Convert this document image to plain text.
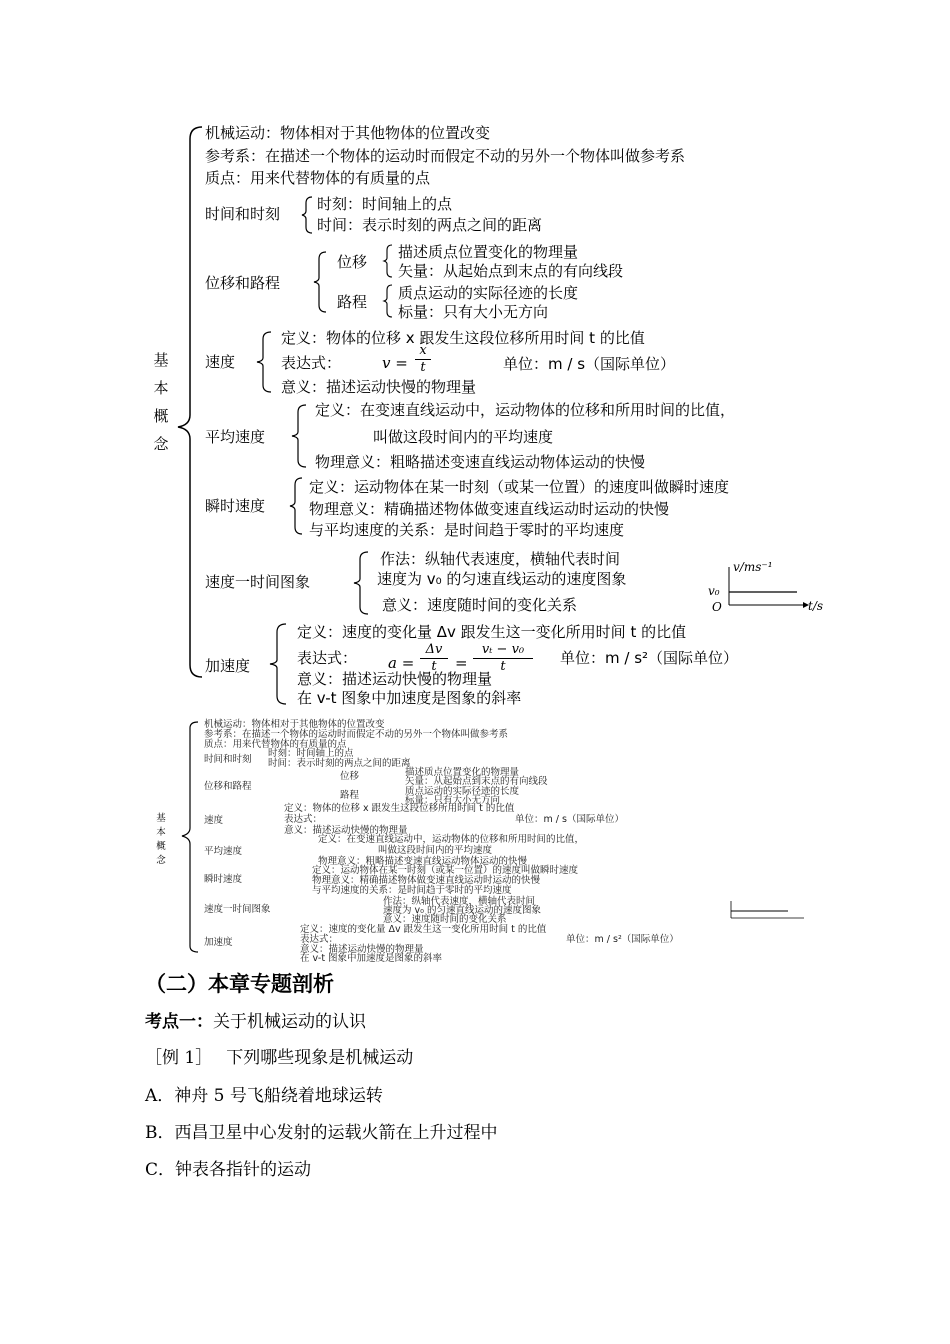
基
本
概
念
机械运动：物体相对于其他物体的位置改变
参考系：在描述一个物体的运动时而假定不动的另外一个物体叫做参考系
质点：用来代替物体的有质量的点
时间和时刻
时刻：时间轴上的点
时间：表示时刻的两点之间的距离
位移和路程
位移
描述质点位置变化的物理量
矢量：从起始点到末点的有向线段
路程 质点运动的实际径迹的长度
标量：只有大小无方向
速度
定义：物体的位移 x 跟发生这段位移所用时间 t 的比值
表达式：	v =
x
t	单位：m / s（国际单位）
意义：描述运动快慢的物理量
平均速度
定义：在变速直线运动中，运动物体的位移和所用时间的比值，
叫做这段时间内的平均速度
物理意义：粗略描述变速直线运动物体运动的快慢
瞬时速度
定义：运动物体在某一时刻（或某一位置）的速度叫做瞬时速度
物理意义：精确描述物体做变速直线运动时运动的快慢
与平均速度的关系：是时间趋于零时的平均速度
速度一时间图象
作法：纵轴代表速度，横轴代表时间
速度为 v₀ 的匀速直线运动的速度图象
意义：速度随时间的变化关系
v/ms⁻¹
t/s
v₀
O
加速度
定义：速度的变化量 Δv 跟发生这一变化所用时间 t 的比值
表达式： a =
Δv
t	=
vₜ − v₀
t	单位：m / s²（国际单位）
意义：描述运动快慢的物理量
在 v-t 图象中加速度是图象的斜率
基
本
概
念
机械运动：物体相对于其他物体的位置改变
参考系：在描述一个物体的运动时而假定不动的另外一个物体叫做参考系
质点：用来代替物体的有质量的点
时间和时刻
时刻：时间轴上的点
时间：表示时刻的两点之间的距离
位移和路程
位移	描述质点位置变化的物理量
矢量：从起始点到末点的有向线段
路程	质点运动的实际径迹的长度
标量：只有大小无方向
速度
定义：物体的位移 x 跟发生这段位移所用时间 t 的比值
单位：m / s（国际单位）
表达式：
意义：描述运动快慢的物理量
平均速度
定义：在变速直线运动中，运动物体的位移和所用时间的比值，
叫做这段时间内的平均速度
物理意义：粗略描述变速直线运动物体运动的快慢
瞬时速度
定义：运动物体在某一时刻（或某一位置）的速度叫做瞬时速度
物理意义：精确描述物体做变速直线运动时运动的快慢
与平均速度的关系：是时间趋于零时的平均速度
速度一时间图象
作法：纵轴代表速度，横轴代表时间
速度为 v₀ 的匀速直线运动的速度图象
意义：速度随时间的变化关系
加速度
定义：速度的变化量 Δv 跟发生这一变化所用时间 t 的比值
表达式：	单位：m / s²（国际单位）
意义：描述运动快慢的物理量
在 v-t 图象中加速度是图象的斜率
（二）本章专题剖析
考点一：关于机械运动的认识
［例 1］ 下列哪些现象是机械运动
A．神舟 5 号飞船绕着地球运转
B．西昌卫星中心发射的运载火箭在上升过程中
C．钟表各指针的运动
